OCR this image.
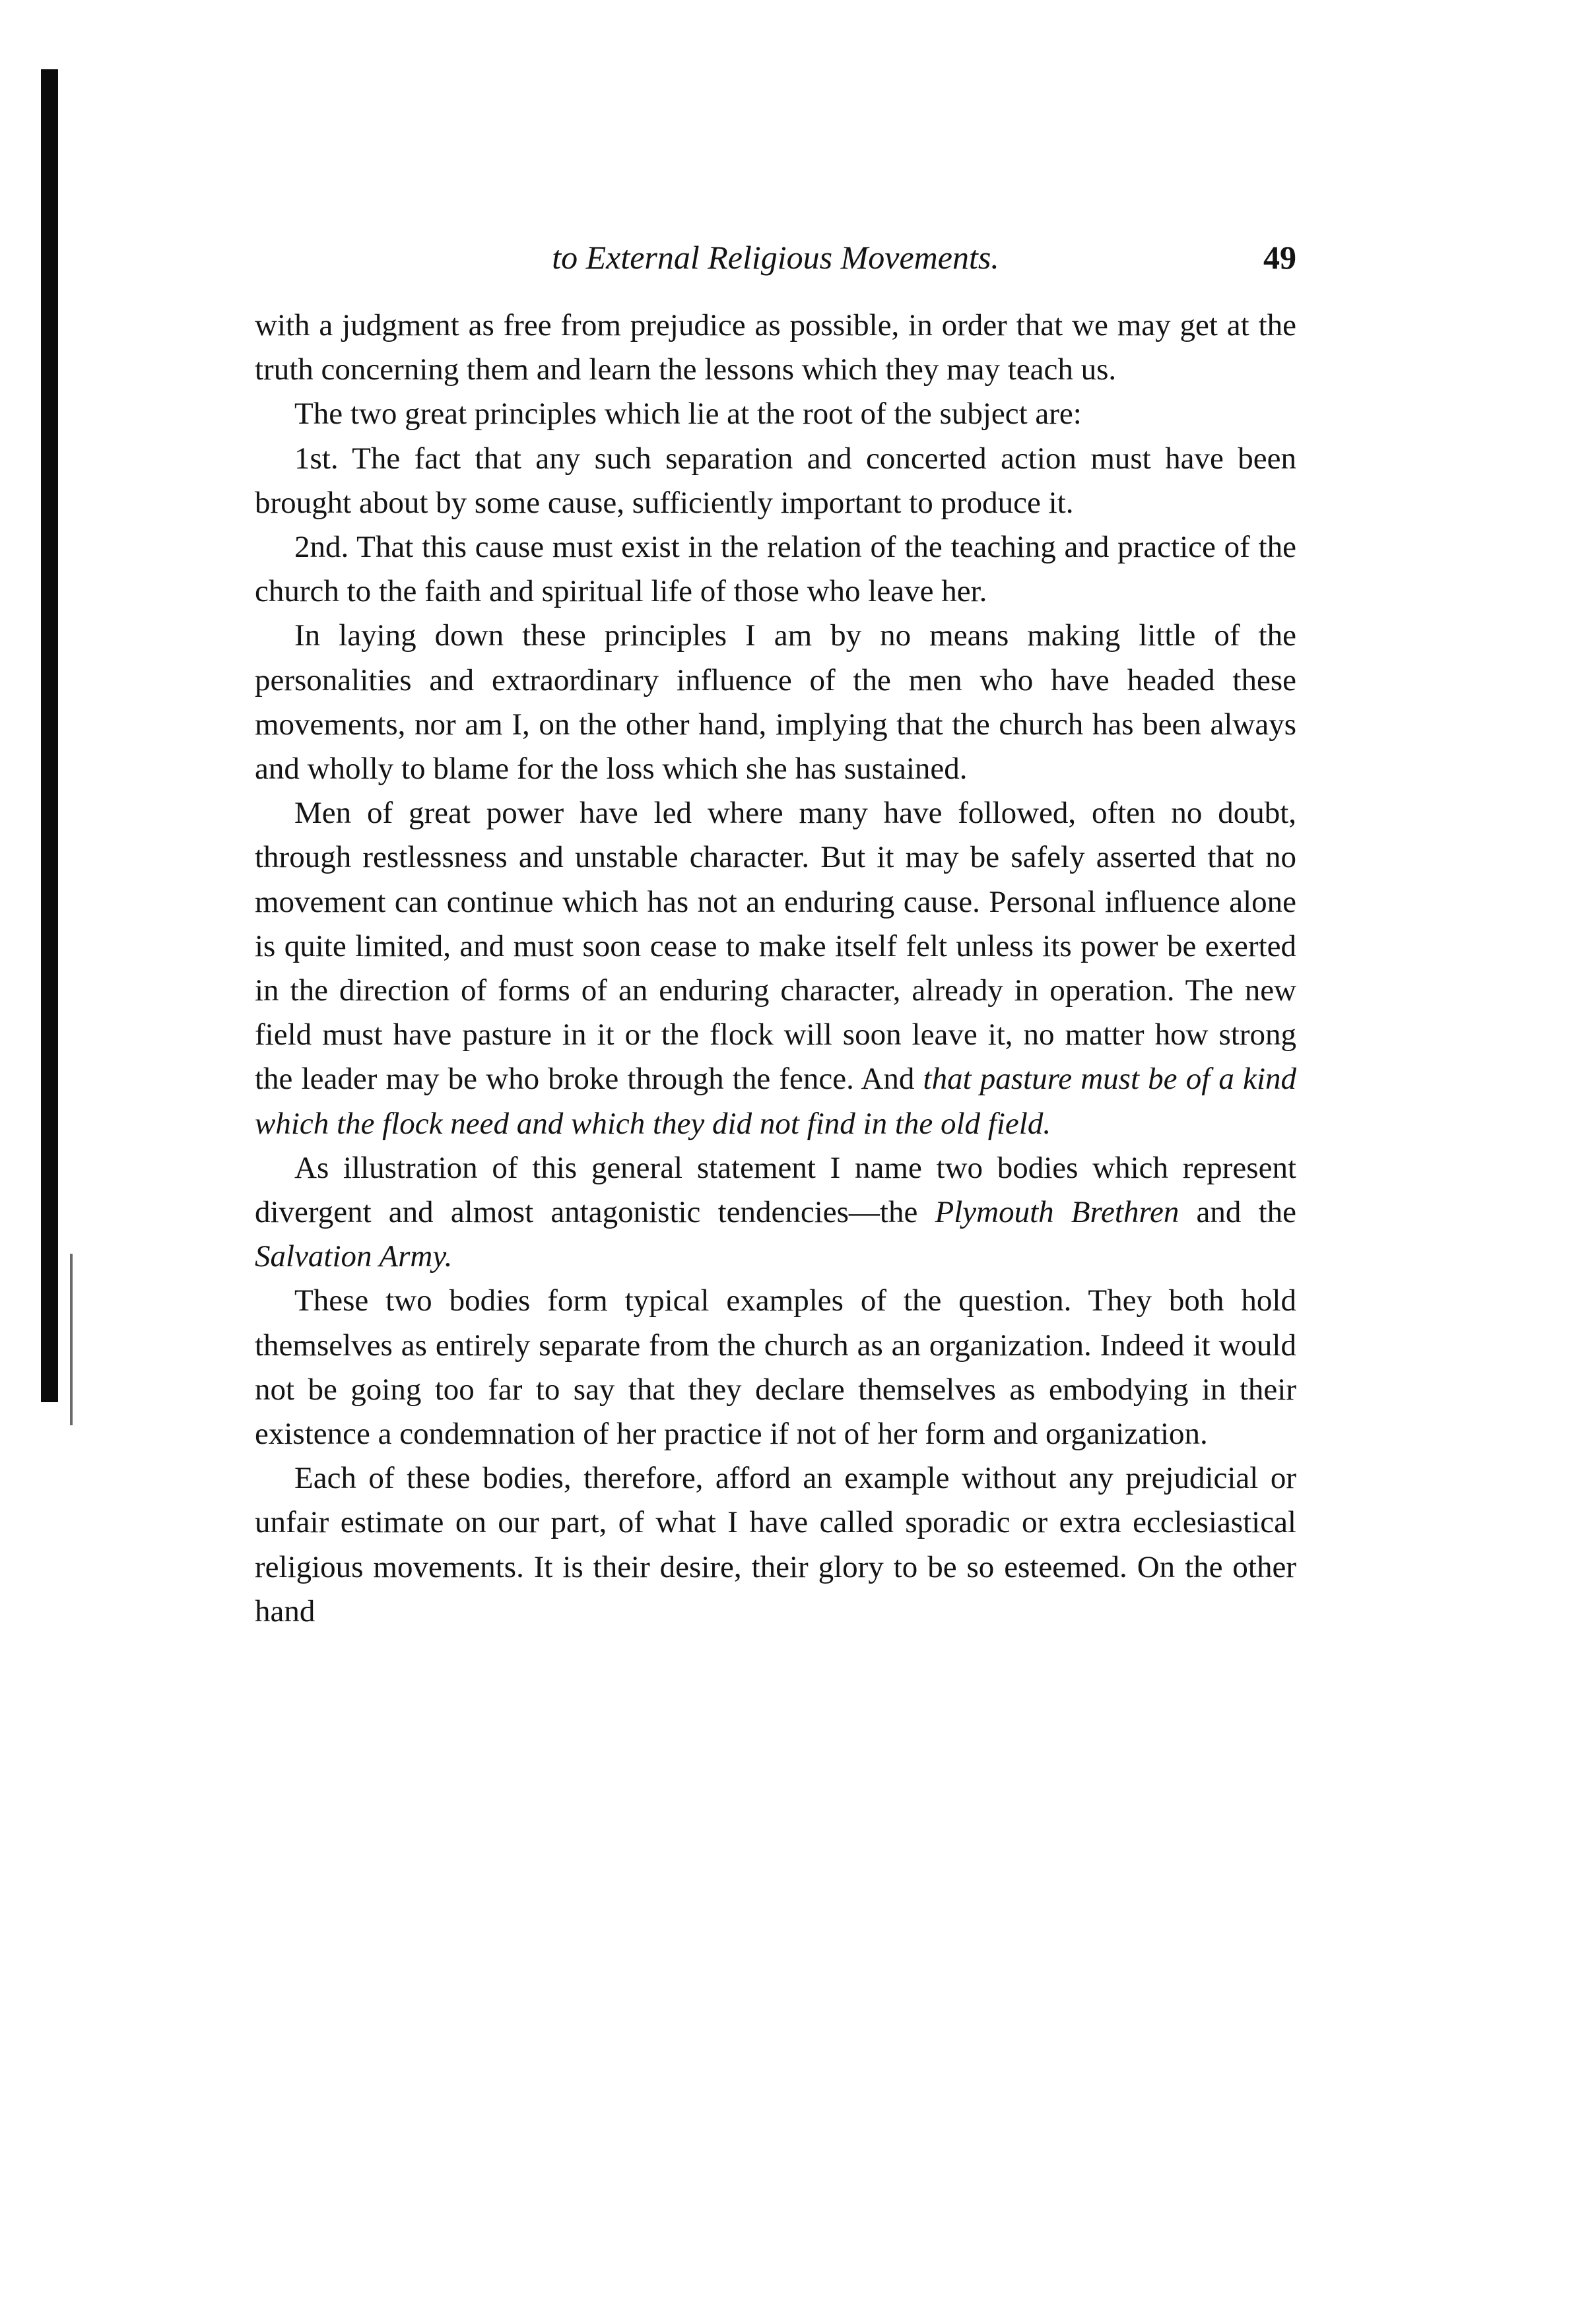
to External Religious Movements.	49

with a judgment as free from prejudice as possible, in order that we may get at the truth concerning them and learn the lessons which they may teach us.

The two great principles which lie at the root of the subject are:

1st. The fact that any such separation and concerted action must have been brought about by some cause, sufficiently important to produce it.

2nd. That this cause must exist in the relation of the teaching and practice of the church to the faith and spiritual life of those who leave her.

In laying down these principles I am by no means making little of the personalities and extraordinary influence of the men who have headed these movements, nor am I, on the other hand, implying that the church has been always and wholly to blame for the loss which she has sustained.

Men of great power have led where many have followed, often no doubt, through restlessness and unstable character. But it may be safely asserted that no movement can continue which has not an enduring cause. Personal influence alone is quite limited, and must soon cease to make itself felt unless its power be exerted in the direction of forms of an enduring character, already in operation. The new field must have pasture in it or the flock will soon leave it, no matter how strong the leader may be who broke through the fence. And that pasture must be of a kind which the flock need and which they did not find in the old field.

As illustration of this general statement I name two bodies which represent divergent and almost antagonistic tendencies—the Plymouth Brethren and the Salvation Army.

These two bodies form typical examples of the question. They both hold themselves as entirely separate from the church as an organization. Indeed it would not be going too far to say that they declare themselves as embodying in their existence a condemnation of her practice if not of her form and organization.

Each of these bodies, therefore, afford an example without any prejudicial or unfair estimate on our part, of what I have called sporadic or extra ecclesiastical religious movements. It is their desire, their glory to be so esteemed. On the other hand
